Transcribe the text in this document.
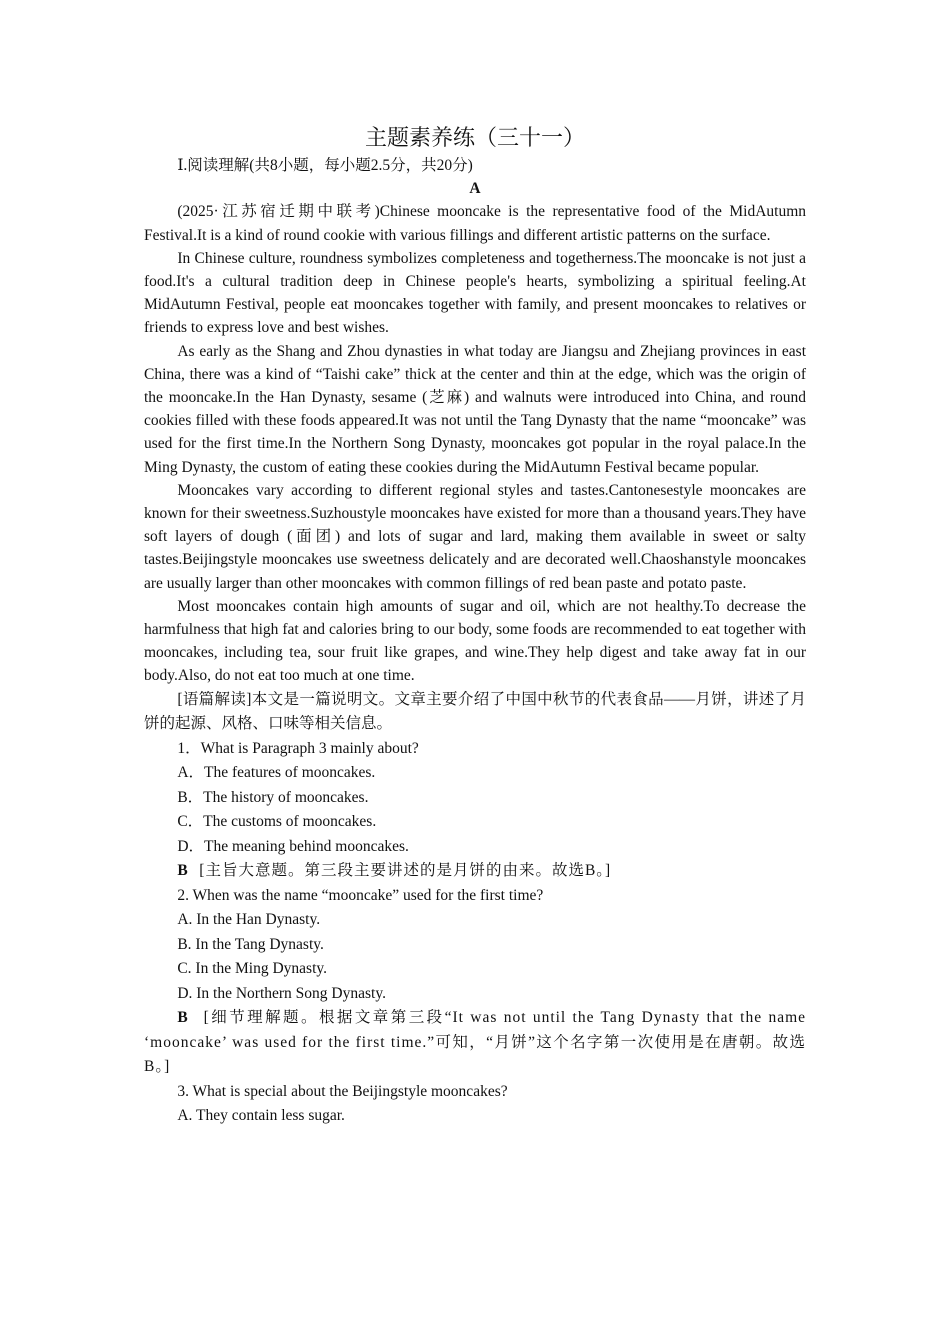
主题素养练（三十一）

Ⅰ.阅读理解(共8小题，每小题2.5分，共20分)

A

(2025·江苏宿迁期中联考)Chinese mooncake is the representative food of the MidAutumn Festival.It is a kind of round cookie with various fillings and different artistic patterns on the surface.

In Chinese culture, roundness symbolizes completeness and togetherness.The mooncake is not just a food.It's a cultural tradition deep in Chinese people's hearts, symbolizing a spiritual feeling.At MidAutumn Festival, people eat mooncakes together with family, and present mooncakes to relatives or friends to express love and best wishes.

As early as the Shang and Zhou dynasties in what today are Jiangsu and Zhejiang provinces in east China, there was a kind of “Taishi cake” thick at the center and thin at the edge, which was the origin of the mooncake.In the Han Dynasty, sesame (芝麻) and walnuts were introduced into China, and round cookies filled with these foods appeared.It was not until the Tang Dynasty that the name “mooncake” was used for the first time.In the Northern Song Dynasty, mooncakes got popular in the royal palace.In the Ming Dynasty, the custom of eating these cookies during the MidAutumn Festival became popular.

Mooncakes vary according to different regional styles and tastes.Cantonesestyle mooncakes are known for their sweetness.Suzhoustyle mooncakes have existed for more than a thousand years.They have soft layers of dough (面团) and lots of sugar and lard, making them available in sweet or salty tastes.Beijingstyle mooncakes use sweetness delicately and are decorated well.Chaoshanstyle mooncakes are usually larger than other mooncakes with common fillings of red bean paste and potato paste.

Most mooncakes contain high amounts of sugar and oil, which are not healthy.To decrease the harmfulness that high fat and calories bring to our body, some foods are recommended to eat together with mooncakes, including tea, sour fruit like grapes, and wine.They help digest and take away fat in our body.Also, do not eat too much at one time.

[语篇解读]本文是一篇说明文。文章主要介绍了中国中秋节的代表食品——月饼，讲述了月饼的起源、风格、口味等相关信息。

1．What is Paragraph 3 mainly about?

A．The features of mooncakes.

B．The history of mooncakes.

C．The customs of mooncakes.

D．The meaning behind mooncakes.

B [主旨大意题。第三段主要讲述的是月饼的由来。故选B。]

2. When was the name “mooncake” used for the first time?

A. In the Han Dynasty.

B. In the Tang Dynasty.

C. In the Ming Dynasty.

D. In the Northern Song Dynasty.

B [细节理解题。根据文章第三段“It was not until the Tang Dynasty that the name ‘mooncake’ was used for the first time.”可知，“月饼”这个名字第一次使用是在唐朝。故选B。]

3. What is special about the Beijingstyle mooncakes?

A. They contain less sugar.
